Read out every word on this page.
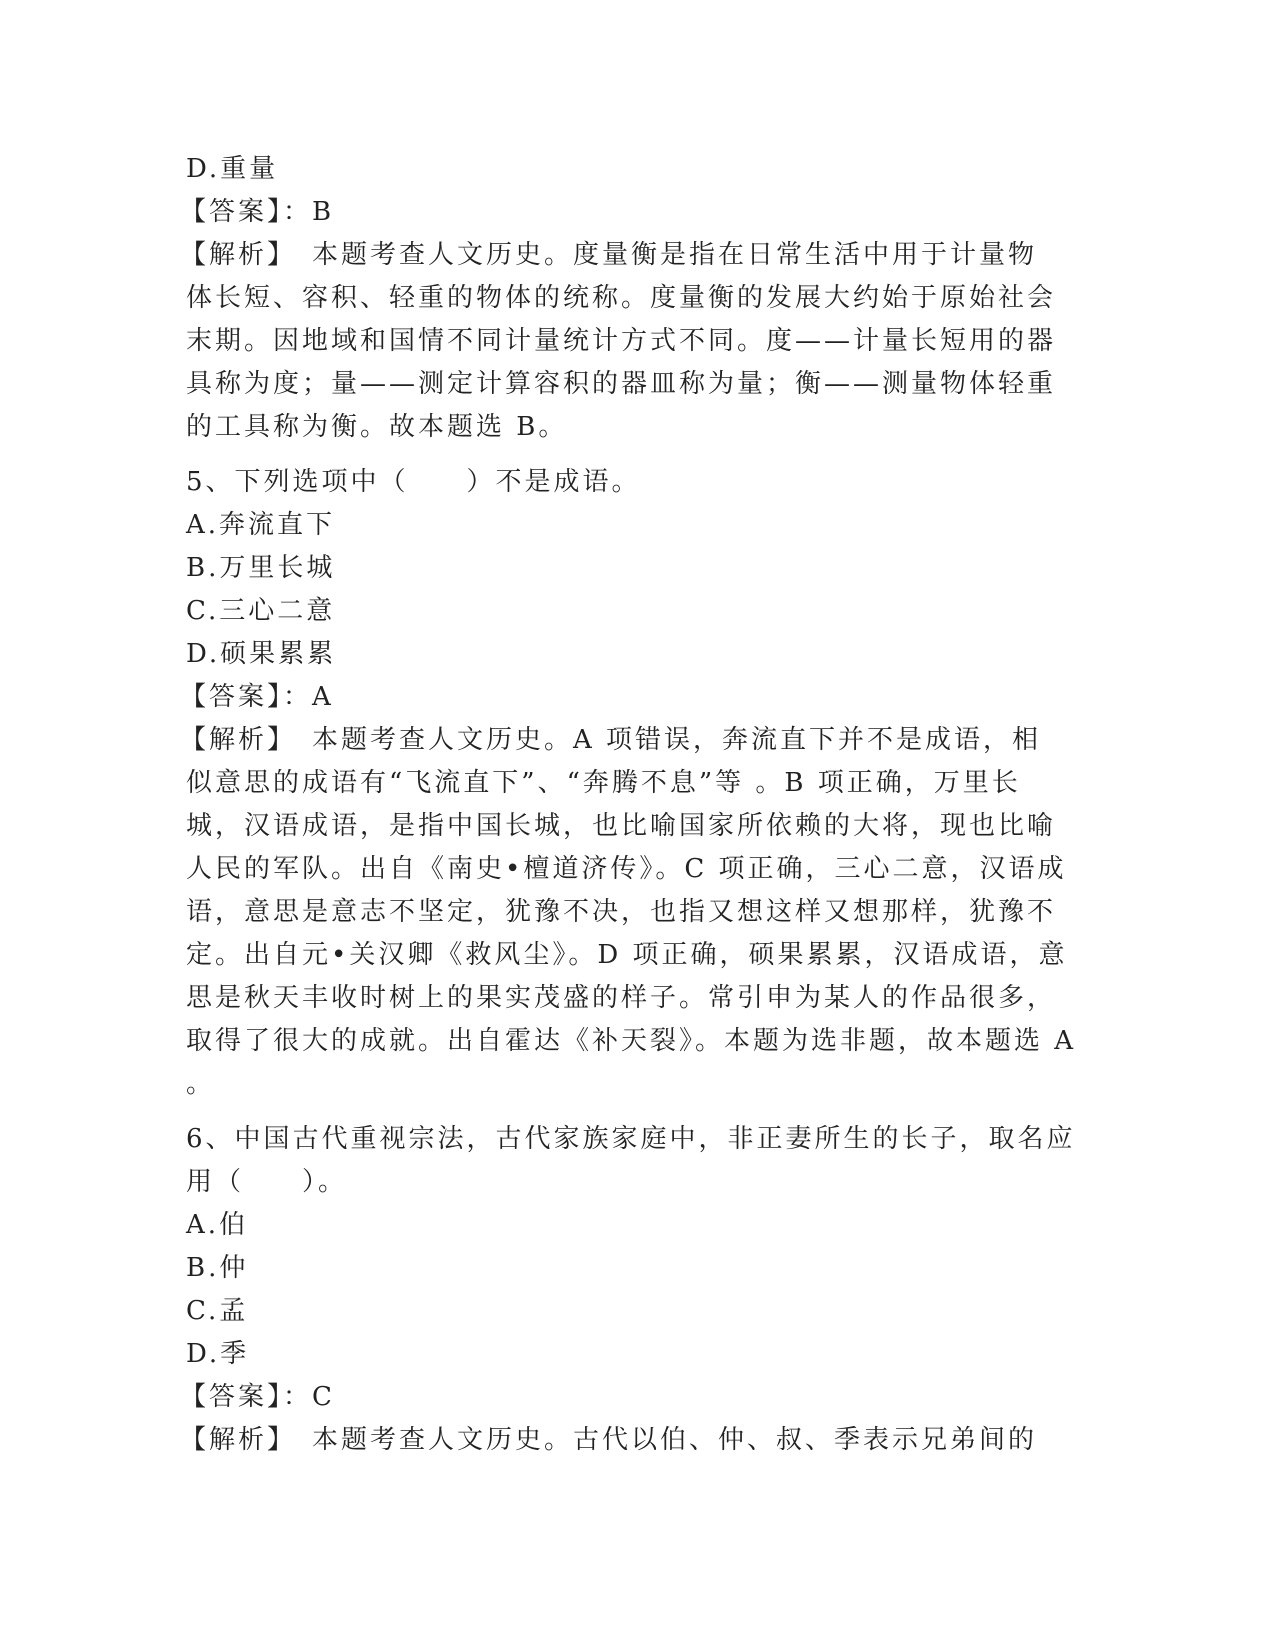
D.重量
【答案】：B
【解析】　本题考查人文历史。度量衡是指在日常生活中用于计量物
体长短、容积、轻重的物体的统称。度量衡的发展大约始于原始社会
末期。因地域和国情不同计量统计方式不同。度——计量长短用的器
具称为度；量——测定计算容积的器皿称为量；衡——测量物体轻重
的工具称为衡。故本题选 B。
5、下列选项中（　　）不是成语。
A.奔流直下
B.万里长城
C.三心二意
D.硕果累累
【答案】：A
【解析】　本题考查人文历史。A 项错误，奔流直下并不是成语，相
似意思的成语有“飞流直下”、“奔腾不息”等 。B 项正确，万里长
城，汉语成语，是指中国长城，也比喻国家所依赖的大将，现也比喻
人民的军队。出自《南史•檀道济传》。C 项正确，三心二意，汉语成
语，意思是意志不坚定，犹豫不决，也指又想这样又想那样，犹豫不
定。出自元•关汉卿《救风尘》。D 项正确，硕果累累，汉语成语，意
思是秋天丰收时树上的果实茂盛的样子。常引申为某人的作品很多，
取得了很大的成就。出自霍达《补天裂》。本题为选非题，故本题选 A
。
6、中国古代重视宗法，古代家族家庭中，非正妻所生的长子，取名应
用（　　）。
A.伯
B.仲
C.孟
D.季
【答案】：C
【解析】　本题考查人文历史。古代以伯、仲、叔、季表示兄弟间的
